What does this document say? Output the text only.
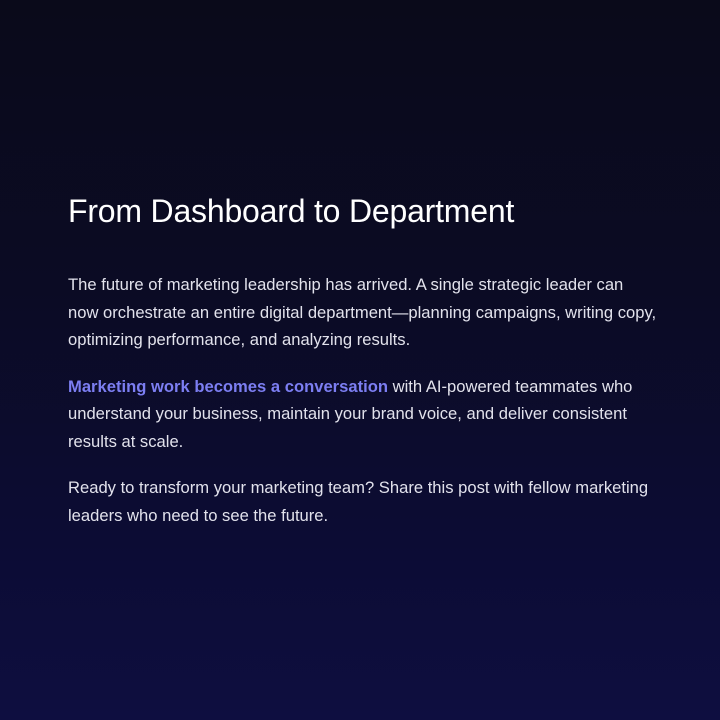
From Dashboard to Department

The future of marketing leadership has arrived. A single strategic leader can now orchestrate an entire digital department—planning campaigns, writing copy, optimizing performance, and analyzing results.

Marketing work becomes a conversation with AI-powered teammates who understand your business, maintain your brand voice, and deliver consistent results at scale.

Ready to transform your marketing team? Share this post with fellow marketing leaders who need to see the future.
